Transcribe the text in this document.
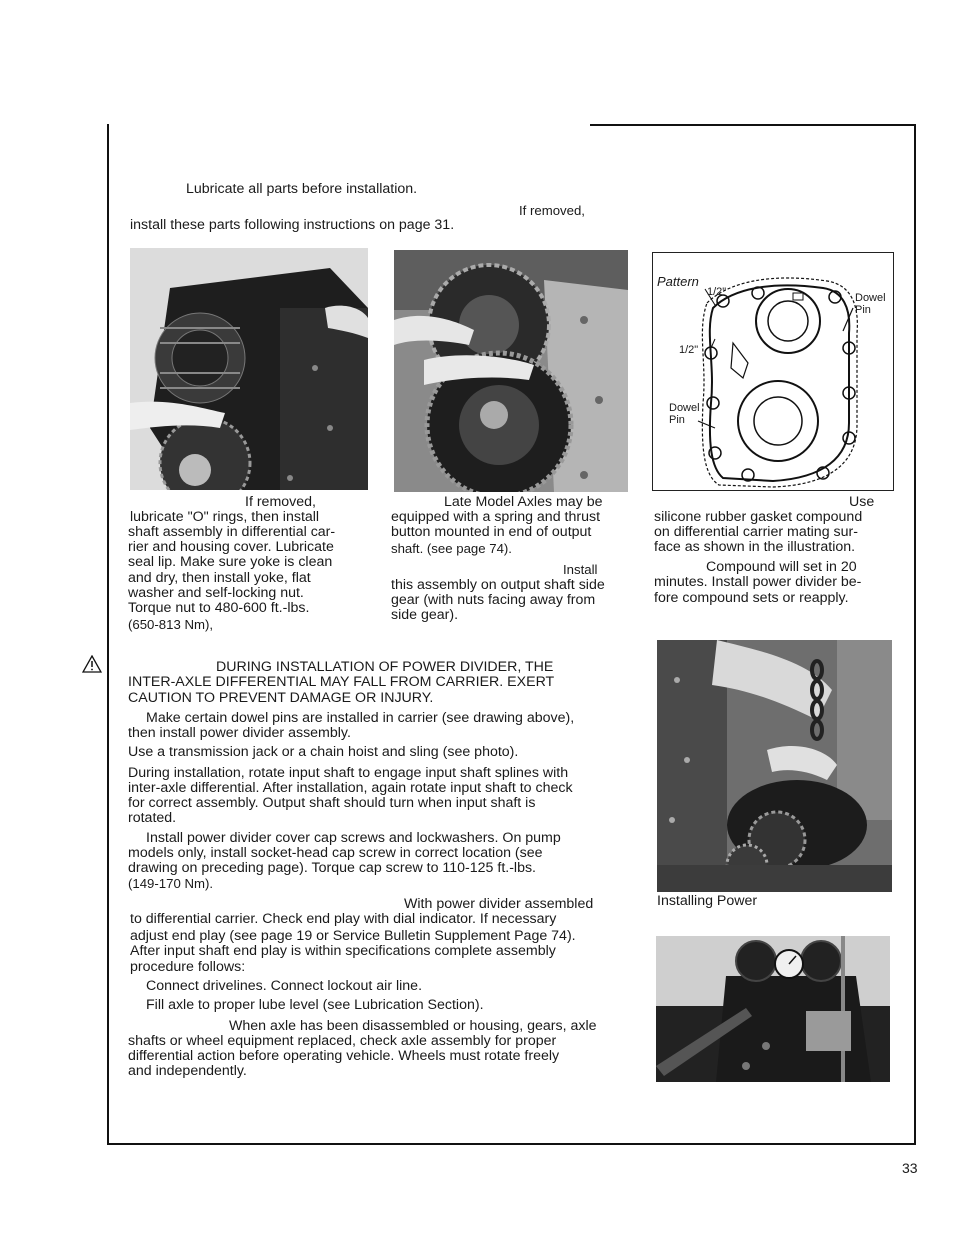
Lubricate all parts before installation.
If removed,
install these parts following instructions on page 31.
Pattern
1/2"
1/2"
Dowel
Pin
Dowel
Pin
If removed,
lubricate "O" rings, then install
shaft assembly in differential car-
rier and housing cover. Lubricate
seal lip. Make sure yoke is clean
and dry, then install yoke, flat
washer and self-locking nut.
Torque nut to 480-600 ft.-lbs.
(650-813 Nm),
Late Model Axles may be
equipped with a spring and thrust
button mounted in end of output
shaft. (see page 74).
Install
this assembly on output shaft side
gear (with nuts facing away from
side gear).
Use
silicone rubber gasket compound
on differential carrier mating sur-
face as shown in the illustration.
Compound will set in 20
minutes. Install power divider be-
fore compound sets or reapply.
DURING INSTALLATION OF POWER DIVIDER, THE
INTER-AXLE DIFFERENTIAL MAY FALL FROM CARRIER. EXERT
CAUTION TO PREVENT DAMAGE OR INJURY.
Make certain dowel pins are installed in carrier (see drawing above),
then install power divider assembly.
Use a transmission jack or a chain hoist and sling (see photo).
During installation, rotate input shaft to engage input shaft splines with
inter-axle differential. After installation, again rotate input shaft to check
for correct assembly. Output shaft should turn when input shaft is
rotated.
Install power divider cover cap screws and lockwashers. On pump
models only, install socket-head cap screw in correct location (see
drawing on preceding page). Torque cap screw to 110-125 ft.-lbs.
(149-170 Nm).
With power divider assembled
to differential carrier. Check end play with dial indicator. If necessary
adjust end play (see page 19 or Service Bulletin Supplement Page 74).
After input shaft end play is within specifications complete assembly
procedure follows:
Connect drivelines. Connect lockout air line.
Fill axle to proper lube level (see Lubrication Section).
When axle has been disassembled or housing, gears, axle
shafts or wheel equipment replaced, check axle assembly for proper
differential action before operating vehicle. Wheels must rotate freely
and independently.
Installing Power
33
